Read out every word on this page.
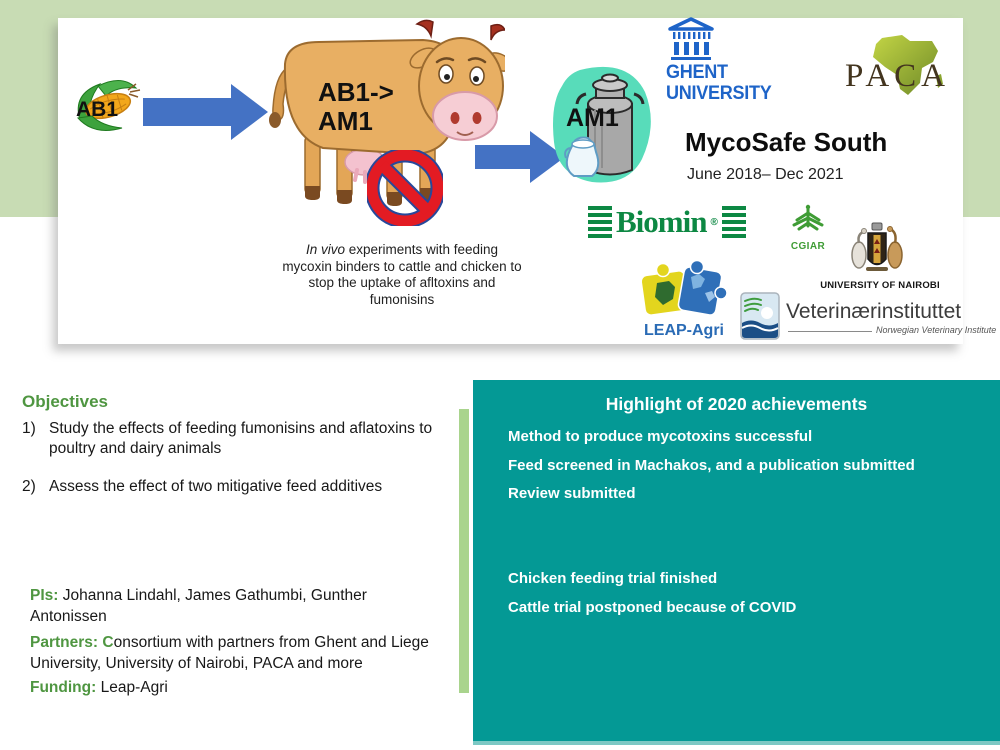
AB1
AB1->
AM1	AM1
In vivo experiments with feeding mycoxin binders to cattle and chicken to stop the uptake of afltoxins and fumonisins
GHENT
UNIVERSITY PACA
MycoSafe South
June 2018– Dec 2021
Biomin ®
CGIAR
UNIVERSITY OF NAIROBI
LEAP-Agri
Veterinærinstituttet
Norwegian Veterinary Institute
Objectives
1) Study the effects of feeding fumonisins and aflatoxins to poultry and dairy animals
2) Assess the effect of two mitigative feed additives
PIs: Johanna Lindahl, James Gathumbi, Gunther Antonissen
Partners: Consortium with partners from Ghent and Liege University, University of Nairobi, PACA and more
Funding: Leap-Agri
Highlight of 2020 achievements
Method to produce mycotoxins successful
Feed screened in Machakos, and a publication submitted
Review submitted
Chicken feeding trial finished
Cattle trial postponed because of COVID
